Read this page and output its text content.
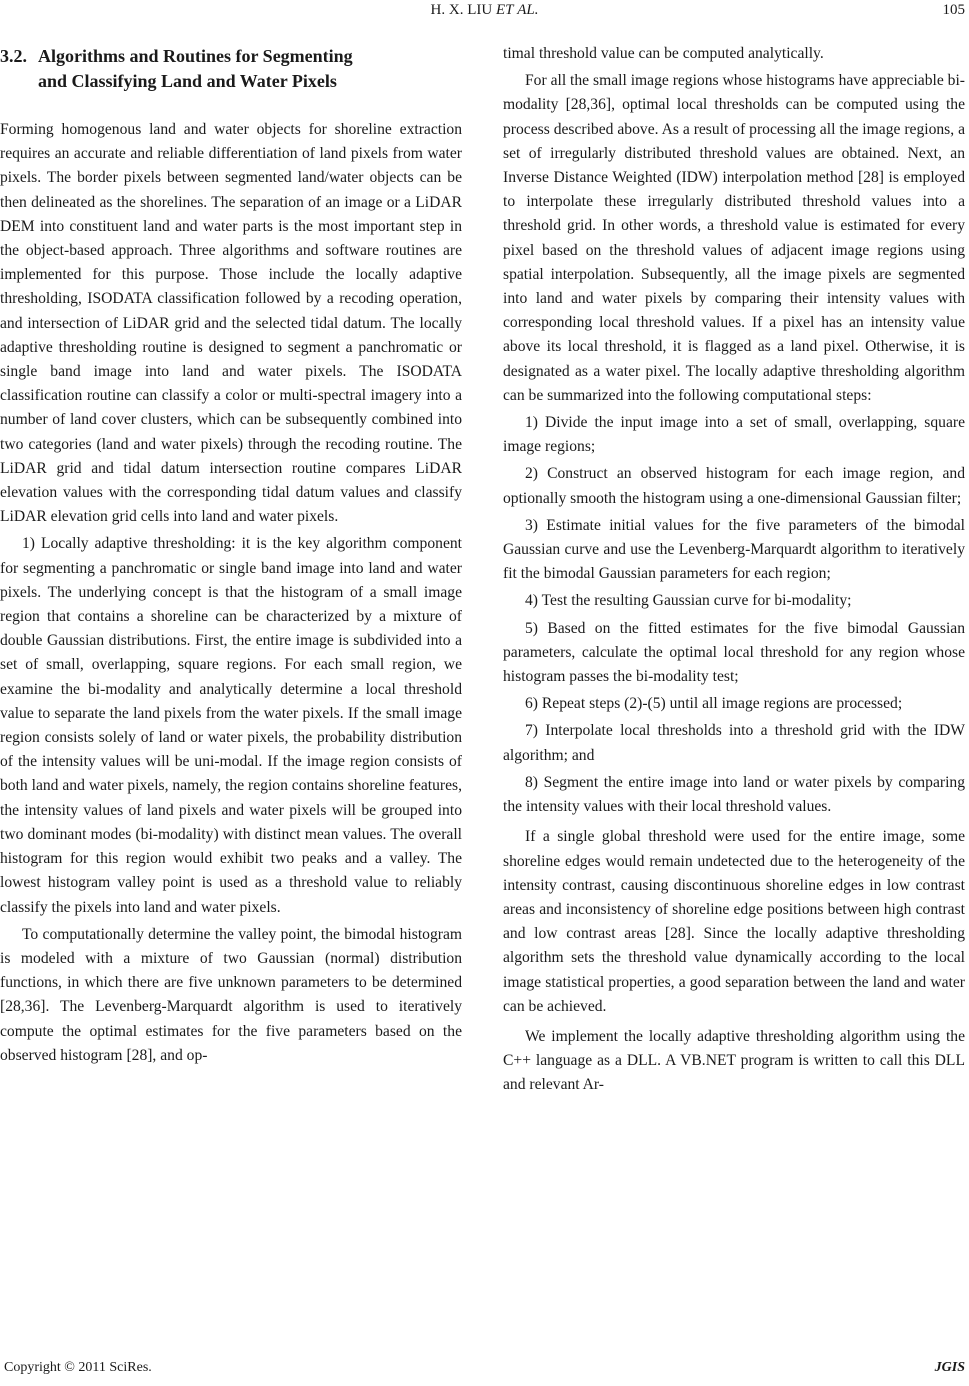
H. X. LIU ET AL.	105
3.2. Algorithms and Routines for Segmenting
and Classifying Land and Water Pixels

Forming homogenous land and water objects for shoreline extraction requires an accurate and reliable differentiation of land pixels from water pixels. The border pixels between segmented land/water objects can be then delineated as the shorelines. The separation of an image or a LiDAR DEM into constituent land and water parts is the most important step in the object-based approach. Three algorithms and software routines are implemented for this purpose. Those include the locally adaptive thresholding, ISODATA classification followed by a recoding operation, and intersection of LiDAR grid and the selected tidal datum. The locally adaptive thresholding routine is designed to segment a panchromatic or single band image into land and water pixels. The ISODATA classification routine can classify a color or multi-spectral imagery into a number of land cover clusters, which can be subsequently combined into two categories (land and water pixels) through the recoding routine. The LiDAR grid and tidal datum intersection routine compares LiDAR elevation values with the corresponding tidal datum values and classify LiDAR elevation grid cells into land and water pixels.

1) Locally adaptive thresholding: it is the key algorithm component for segmenting a panchromatic or single band image into land and water pixels. The underlying concept is that the histogram of a small image region that contains a shoreline can be characterized by a mixture of double Gaussian distributions. First, the entire image is subdivided into a set of small, overlapping, square regions. For each small region, we examine the bi-modality and analytically determine a local threshold value to separate the land pixels from the water pixels. If the small image region consists solely of land or water pixels, the probability distribution of the intensity values will be uni-modal. If the image region consists of both land and water pixels, namely, the region contains shoreline features, the intensity values of land pixels and water pixels will be grouped into two dominant modes (bi-modality) with distinct mean values. The overall histogram for this region would exhibit two peaks and a valley. The lowest histogram valley point is used as a threshold value to reliably classify the pixels into land and water pixels.

To computationally determine the valley point, the bimodal histogram is modeled with a mixture of two Gaussian (normal) distribution functions, in which there are five unknown parameters to be determined [28,36]. The Levenberg-Marquardt algorithm is used to iteratively compute the optimal estimates for the five parameters based on the observed histogram [28], and op-

timal threshold value can be computed analytically.

For all the small image regions whose histograms have appreciable bi-modality [28,36], optimal local thresholds can be computed using the process described above. As a result of processing all the image regions, a set of irregularly distributed threshold values are obtained. Next, an Inverse Distance Weighted (IDW) interpolation method [28] is employed to interpolate these irregularly distributed threshold values into a threshold grid. In other words, a threshold value is estimated for every pixel based on the threshold values of adjacent image regions using spatial interpolation. Subsequently, all the image pixels are segmented into land and water pixels by comparing their intensity values with corresponding local threshold values. If a pixel has an intensity value above its local threshold, it is flagged as a land pixel. Otherwise, it is designated as a water pixel. The locally adaptive thresholding algorithm can be summarized into the following computational steps:

1) Divide the input image into a set of small, overlapping, square image regions;

2) Construct an observed histogram for each image region, and optionally smooth the histogram using a one-dimensional Gaussian filter;

3) Estimate initial values for the five parameters of the bimodal Gaussian curve and use the Levenberg-Marquardt algorithm to iteratively fit the bimodal Gaussian parameters for each region;

4) Test the resulting Gaussian curve for bi-modality;

5) Based on the fitted estimates for the five bimodal Gaussian parameters, calculate the optimal local threshold for any region whose histogram passes the bi-modality test;

6) Repeat steps (2)-(5) until all image regions are processed;

7) Interpolate local thresholds into a threshold grid with the IDW algorithm; and

8) Segment the entire image into land or water pixels by comparing the intensity values with their local threshold values.

If a single global threshold were used for the entire image, some shoreline edges would remain undetected due to the heterogeneity of the intensity contrast, causing discontinuous shoreline edges in low contrast areas and inconsistency of shoreline edge positions between high contrast and low contrast areas [28]. Since the locally adaptive thresholding algorithm sets the threshold value dynamically according to the local image statistical properties, a good separation between the land and water can be achieved.

We implement the locally adaptive thresholding algorithm using the C++ language as a DLL. A VB.NET program is written to call this DLL and relevant Ar-

Copyright © 2011 SciRes.	JGIS
